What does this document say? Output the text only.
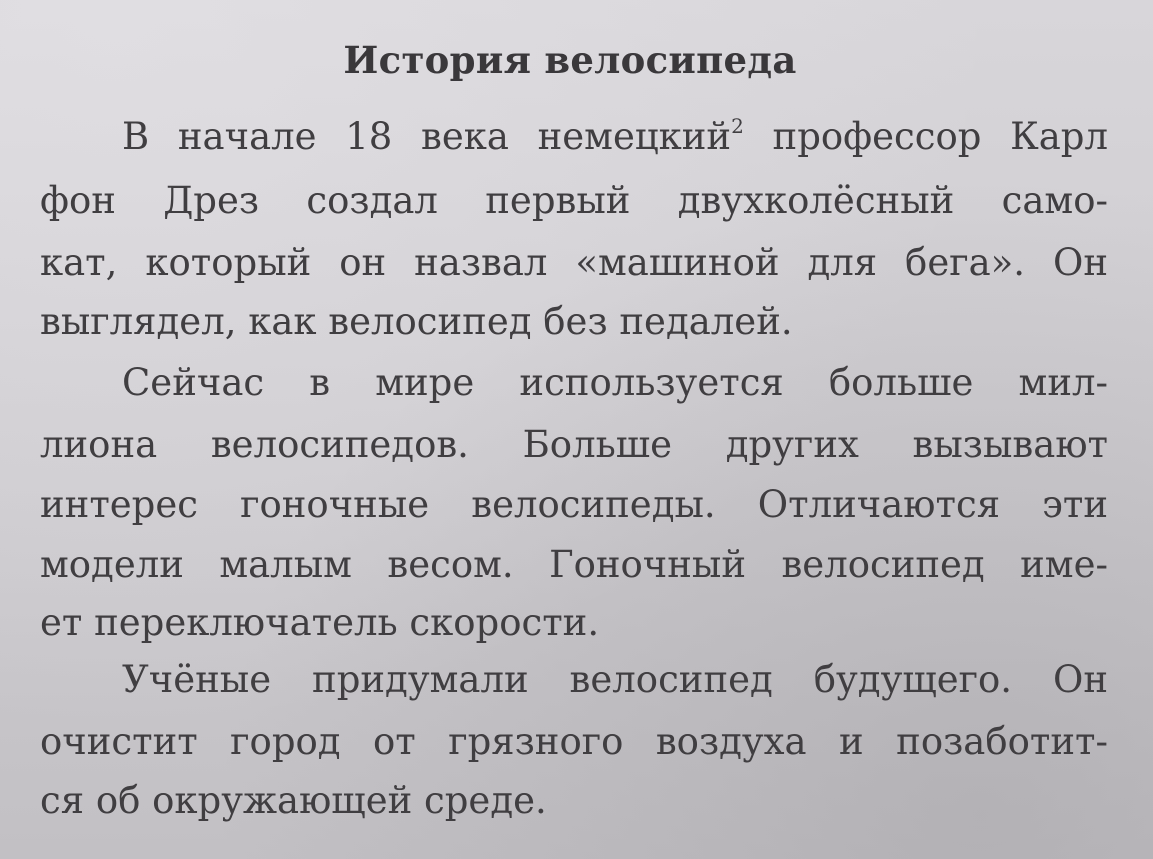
История велосипеда
В начале 18 века немецкий$^2$ профессор Карл
фон Дрез создал первый двухколёсный само-
кат, который он назвал «машиной для бега». Он
выглядел, как велосипед без педалей.
Сейчас в мире используется больше мил-
лиона велосипедов. Больше других вызывают
интерес гоночные велосипеды. Отличаются эти
модели малым весом. Гоночный велосипед име-
ет переключатель скорости.
Учёные придумали велосипед будущего. Он
очистит город от грязного воздуха и позаботит-
ся об окружающей среде.
